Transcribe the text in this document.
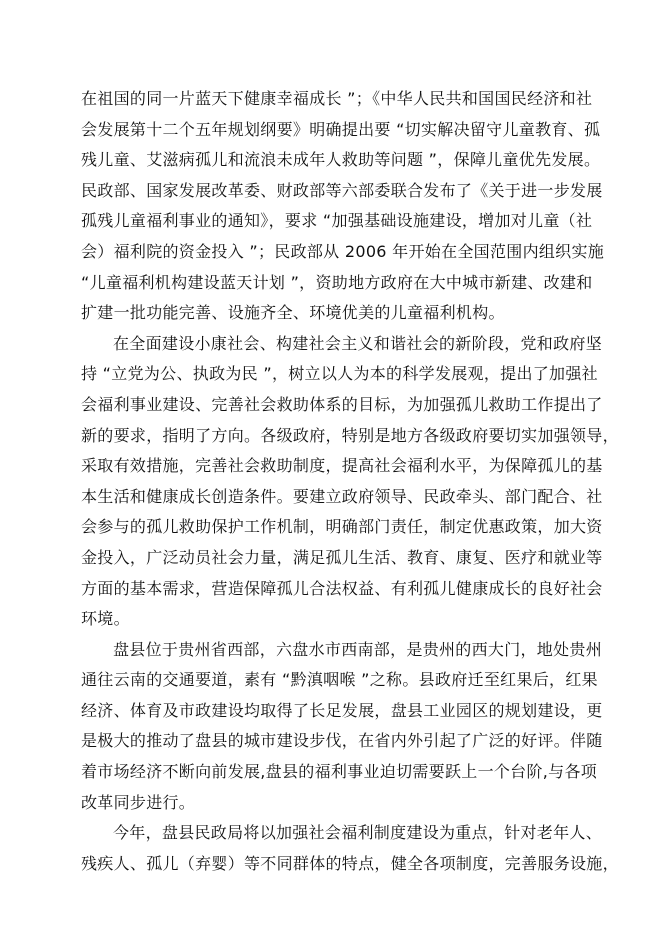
在祖国的同一片蓝天下健康幸福成长 ”；《中华人民共和国国民经济和社
会发展第十二个五年规划纲要》明确提出要 “切实解决留守儿童教育、孤
残儿童、艾滋病孤儿和流浪未成年人救助等问题 ”，保障儿童优先发展。
民政部、国家发展改革委、财政部等六部委联合发布了《关于进一步发展
孤残儿童福利事业的通知》，要求 “加强基础设施建设，增加对儿童（社
会）福利院的资金投入 ”；民政部从 2006 年开始在全国范围内组织实施
“儿童福利机构建设蓝天计划 ”，资助地方政府在大中城市新建、改建和
扩建一批功能完善、设施齐全、环境优美的儿童福利机构。
在全面建设小康社会、构建社会主义和谐社会的新阶段，党和政府坚
持 “立党为公、执政为民 ”，树立以人为本的科学发展观，提出了加强社
会福利事业建设、完善社会救助体系的目标，为加强孤儿救助工作提出了
新的要求，指明了方向。各级政府，特别是地方各级政府要切实加强领导，
采取有效措施，完善社会救助制度，提高社会福利水平，为保障孤儿的基
本生活和健康成长创造条件。要建立政府领导、民政牵头、部门配合、社
会参与的孤儿救助保护工作机制，明确部门责任，制定优惠政策，加大资
金投入，广泛动员社会力量，满足孤儿生活、教育、康复、医疗和就业等
方面的基本需求，营造保障孤儿合法权益、有利孤儿健康成长的良好社会
环境。
盘县位于贵州省西部，六盘水市西南部，是贵州的西大门，地处贵州
通往云南的交通要道，素有 “黔滇咽喉 ”之称。县政府迁至红果后，红果
经济、体育及市政建设均取得了长足发展，盘县工业园区的规划建设，更
是极大的推动了盘县的城市建设步伐，在省内外引起了广泛的好评。伴随
着市场经济不断向前发展,盘县的福利事业迫切需要跃上一个台阶,与各项
改革同步进行。
今年，盘县民政局将以加强社会福利制度建设为重点，针对老年人、
残疾人、孤儿（弃婴）等不同群体的特点，健全各项制度，完善服务设施，
